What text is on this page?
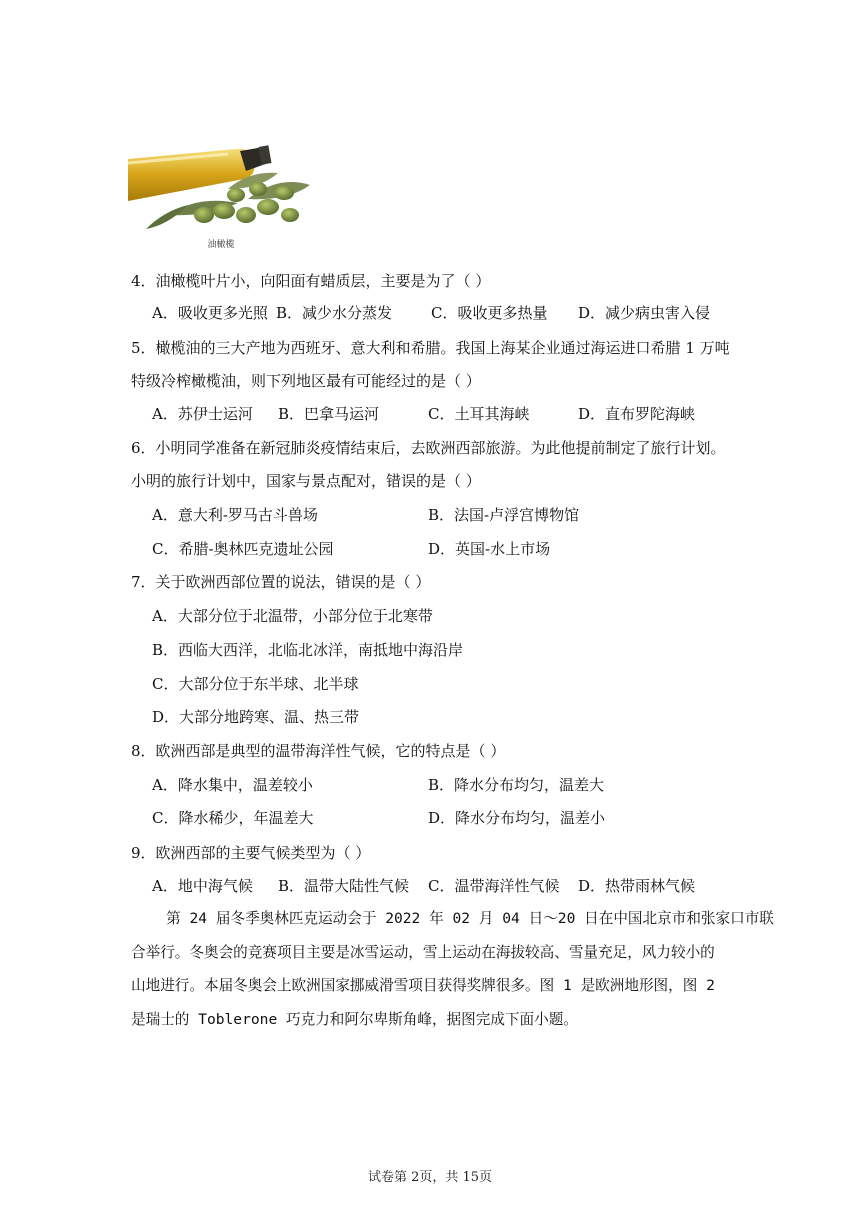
油橄榄
4．油橄榄叶片小，向阳面有蜡质层，主要是为了（ ）
A．吸收更多光照 B．减少水分蒸发	C．吸收更多热量 D．减少病虫害入侵
5．橄榄油的三大产地为西班牙、意大利和希腊。我国上海某企业通过海运进口希腊 1 万吨
特级冷榨橄榄油，则下列地区最有可能经过的是（ ）
A．苏伊士运河 B．巴拿马运河	C．土耳其海峡	D．直布罗陀海峡
6．小明同学准备在新冠肺炎疫情结束后，去欧洲西部旅游。为此他提前制定了旅行计划。
小明的旅行计划中，国家与景点配对，错误的是（ ）
A．意大利-罗马古斗兽场	B．法国-卢浮宫博物馆
C．希腊-奥林匹克遗址公园	D．英国-水上市场
7．关于欧洲西部位置的说法，错误的是（ ）
A．大部分位于北温带，小部分位于北寒带
B．西临大西洋，北临北冰洋，南抵地中海沿岸
C．大部分位于东半球、北半球
D．大部分地跨寒、温、热三带
8．欧洲西部是典型的温带海洋性气候，它的特点是（ ）
A．降水集中，温差较小	B．降水分布均匀，温差大
C．降水稀少，年温差大	D．降水分布均匀，温差小
9．欧洲西部的主要气候类型为（ ）
A．地中海气候 B．温带大陆性气候 C．温带海洋性气候 D．热带雨林气候
第 24 届冬季奥林匹克运动会于 2022 年 02 月 04 日～20 日在中国北京市和张家口市联
合举行。冬奥会的竞赛项目主要是冰雪运动，雪上运动在海拔较高、雪量充足，风力较小的
山地进行。本届冬奥会上欧洲国家挪威滑雪项目获得奖牌很多。图 1 是欧洲地形图，图 2
是瑞士的 Toblerone 巧克力和阿尔卑斯角峰，据图完成下面小题。
试卷第 2页，共 15页
